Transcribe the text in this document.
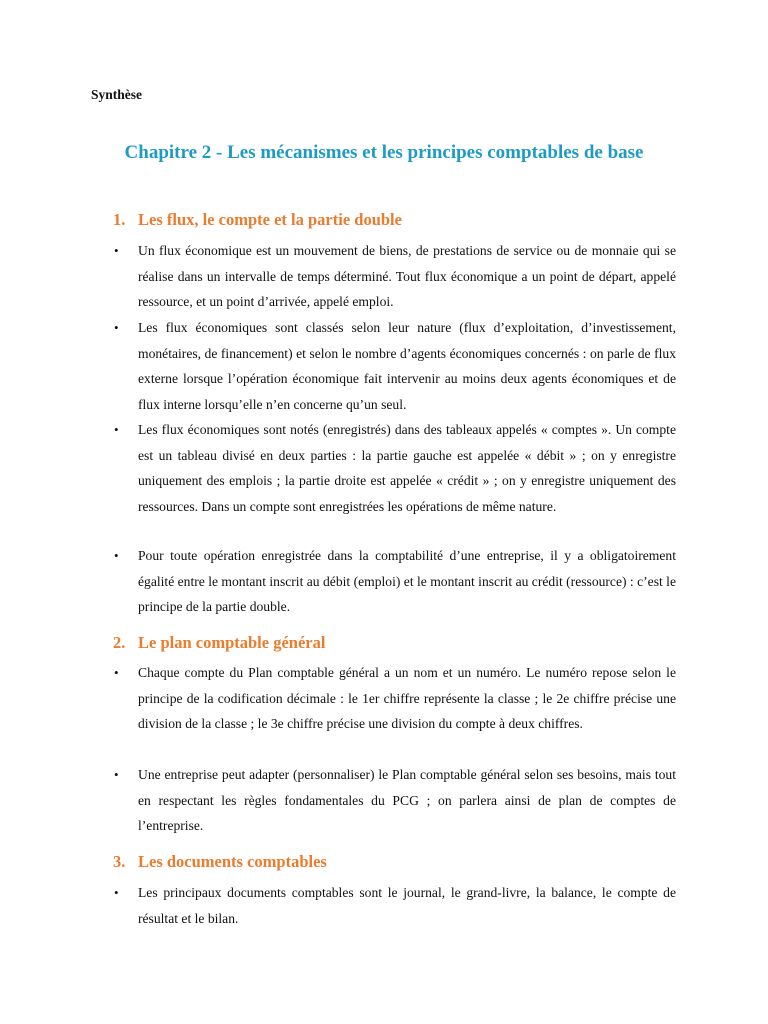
Synthèse
Chapitre 2 - Les mécanismes et les principes comptables de base
1. Les flux, le compte et la partie double
• Un flux économique est un mouvement de biens, de prestations de service ou de monnaie qui se réalise dans un intervalle de temps déterminé. Tout flux économique a un point de départ, appelé ressource, et un point d’arrivée, appelé emploi.
• Les flux économiques sont classés selon leur nature (flux d’exploitation, d’investissement, monétaires, de financement) et selon le nombre d’agents économiques concernés : on parle de flux externe lorsque l’opération économique fait intervenir au moins deux agents économiques et de flux interne lorsqu’elle n’en concerne qu’un seul.
• Les flux économiques sont notés (enregistrés) dans des tableaux appelés « comptes ». Un compte est un tableau divisé en deux parties : la partie gauche est appelée « débit » ; on y enregistre uniquement des emplois ; la partie droite est appelée « crédit » ; on y enregistre uniquement des ressources. Dans un compte sont enregistrées les opérations de même nature.
• Pour toute opération enregistrée dans la comptabilité d’une entreprise, il y a obligatoirement égalité entre le montant inscrit au débit (emploi) et le montant inscrit au crédit (ressource) : c’est le principe de la partie double.
2. Le plan comptable général
• Chaque compte du Plan comptable général a un nom et un numéro. Le numéro repose selon le principe de la codification décimale : le 1er chiffre représente la classe ; le 2e chiffre précise une division de la classe ; le 3e chiffre précise une division du compte à deux chiffres.
• Une entreprise peut adapter (personnaliser) le Plan comptable général selon ses besoins, mais tout en respectant les règles fondamentales du PCG ; on parlera ainsi de plan de comptes de l’entreprise.
3. Les documents comptables
• Les principaux documents comptables sont le journal, le grand-livre, la balance, le compte de résultat et le bilan.
